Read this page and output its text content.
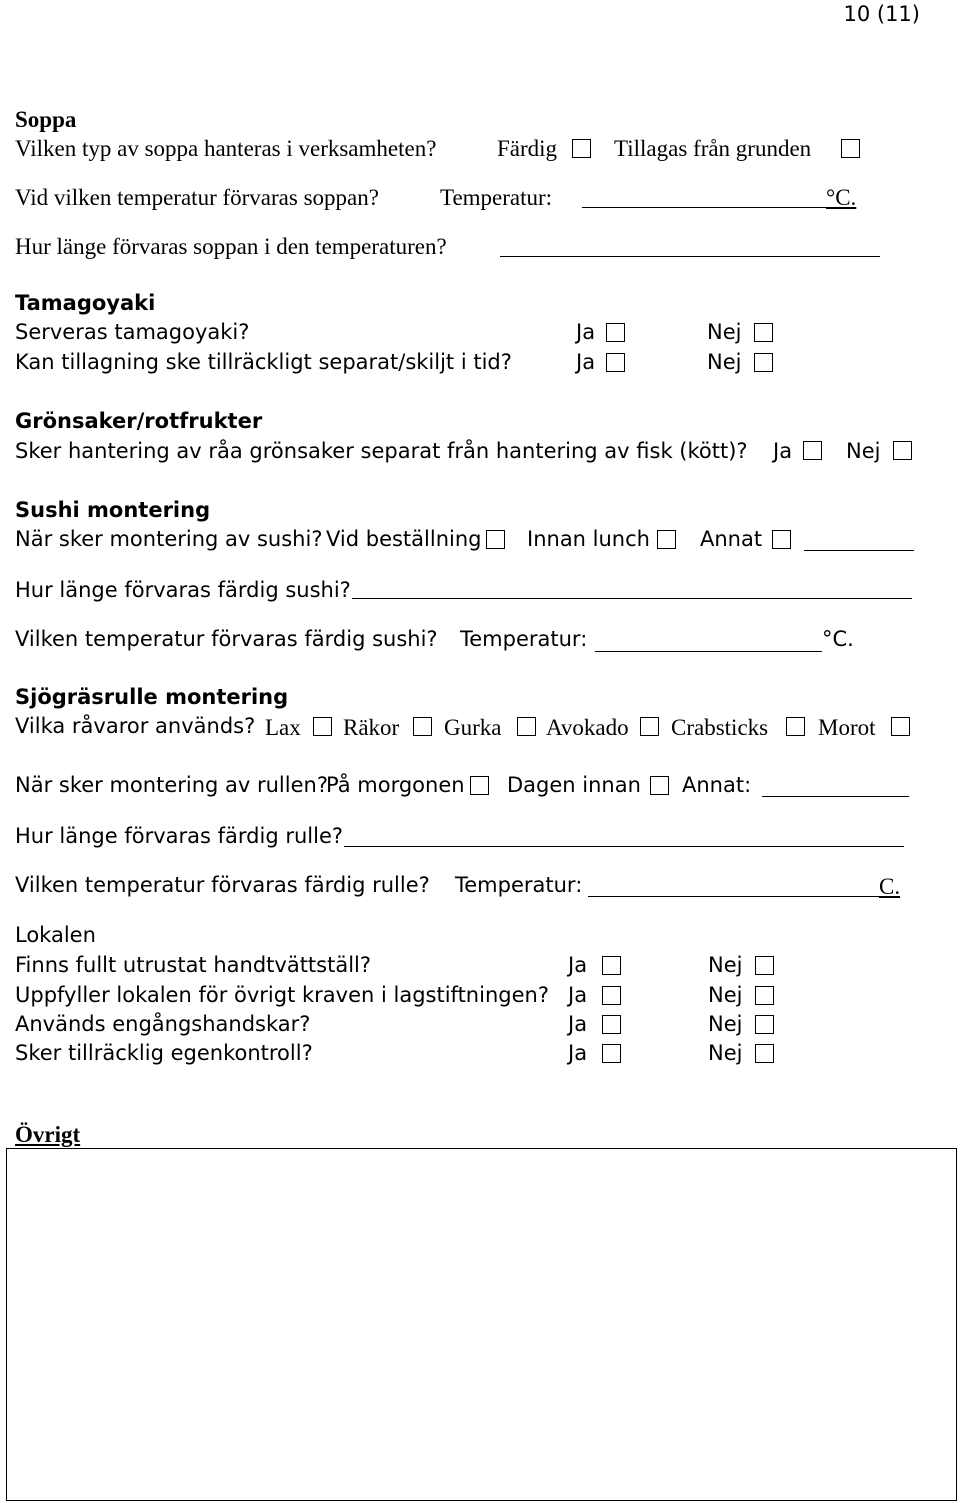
10 (11)
Soppa
Vilken typ av soppa hanteras i verksamheten?	Färdig Tillagas från grunden
Vid vilken temperatur förvaras soppan?	Temperatur:	°C.
Hur länge förvaras soppan i den temperaturen?
Tamagoyaki
Serveras tamagoyaki?	Ja	Nej
Kan tillagning ske tillräckligt separat/skiljt i tid?	Ja	Nej
Grönsaker/rotfrukter
Sker hantering av råa grönsaker separat från hantering av fisk (kött)? Ja	Nej
Sushi montering
När sker montering av sushi? Vid beställning Innan lunch Annat
Hur länge förvaras färdig sushi?
Vilken temperatur förvaras färdig sushi? Temperatur:	°C.
Sjögräsrulle montering
Vilka råvaror används? Lax Räkor Gurka Avokado Crabsticks Morot
När sker montering av rullen?
På morgonen Dagen innan Annat:
Hur länge förvaras färdig rulle?
Vilken temperatur förvaras färdig rulle? Temperatur:	C.
Lokalen
Finns fullt utrustat handtvättställ?	Ja	Nej
Uppfyller lokalen för övrigt kraven i lagstiftningen? Ja	Nej
Används engångshandskar?	Ja	Nej
Sker tillräcklig egenkontroll?	Ja	Nej
Övrigt
